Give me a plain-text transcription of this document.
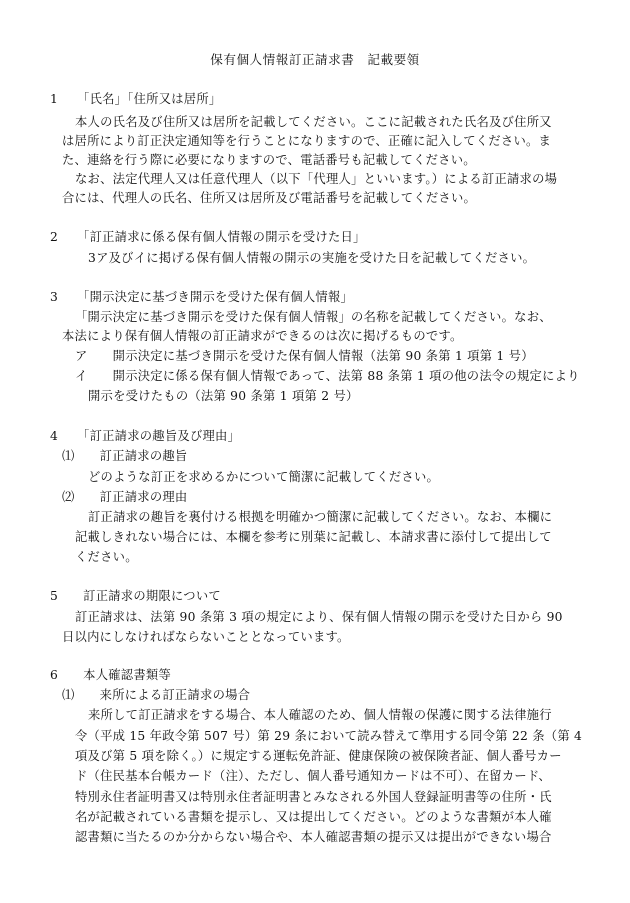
保有個人情報訂正請求書　記載要領
1　　「氏名」「住所又は居所」
本人の氏名及び住所又は居所を記載してください。ここに記載された氏名及び住所又
は居所により訂正決定通知等を行うことになりますので、正確に記入してください。ま
た、連絡を行う際に必要になりますので、電話番号も記載してください。
なお、法定代理人又は任意代理人（以下「代理人」といいます。）による訂正請求の場
合には、代理人の氏名、住所又は居所及び電話番号を記載してください。
2　　「訂正請求に係る保有個人情報の開示を受けた日」
3ア及びイに掲げる保有個人情報の開示の実施を受けた日を記載してください。
3　　「開示決定に基づき開示を受けた保有個人情報」
「開示決定に基づき開示を受けた保有個人情報」の名称を記載してください。なお、
本法により保有個人情報の訂正請求ができるのは次に掲げるものです。
ア　　開示決定に基づき開示を受けた保有個人情報（法第 90 条第 1 項第 1 号）
イ　　開示決定に係る保有個人情報であって、法第 88 条第 1 項の他の法令の規定により
開示を受けたもの（法第 90 条第 1 項第 2 号）
4　　「訂正請求の趣旨及び理由」
⑴　　訂正請求の趣旨
どのような訂正を求めるかについて簡潔に記載してください。
⑵　　訂正請求の理由
訂正請求の趣旨を裏付ける根拠を明確かつ簡潔に記載してください。なお、本欄に
記載しきれない場合には、本欄を参考に別葉に記載し、本請求書に添付して提出して
ください。
5　　訂正請求の期限について
訂正請求は、法第 90 条第 3 項の規定により、保有個人情報の開示を受けた日から 90
日以内にしなければならないこととなっています。
6　　本人確認書類等
⑴　　来所による訂正請求の場合
来所して訂正請求をする場合、本人確認のため、個人情報の保護に関する法律施行
令（平成 15 年政令第 507 号）第 29 条において読み替えて準用する同令第 22 条（第 4
項及び第 5 項を除く。）に規定する運転免許証、健康保険の被保険者証、個人番号カー
ド（住民基本台帳カード（注）、ただし、個人番号通知カードは不可）、在留カード、
特別永住者証明書又は特別永住者証明書とみなされる外国人登録証明書等の住所・氏
名が記載されている書類を提示し、又は提出してください。どのような書類が本人確
認書類に当たるのか分からない場合や、本人確認書類の提示又は提出ができない場合
